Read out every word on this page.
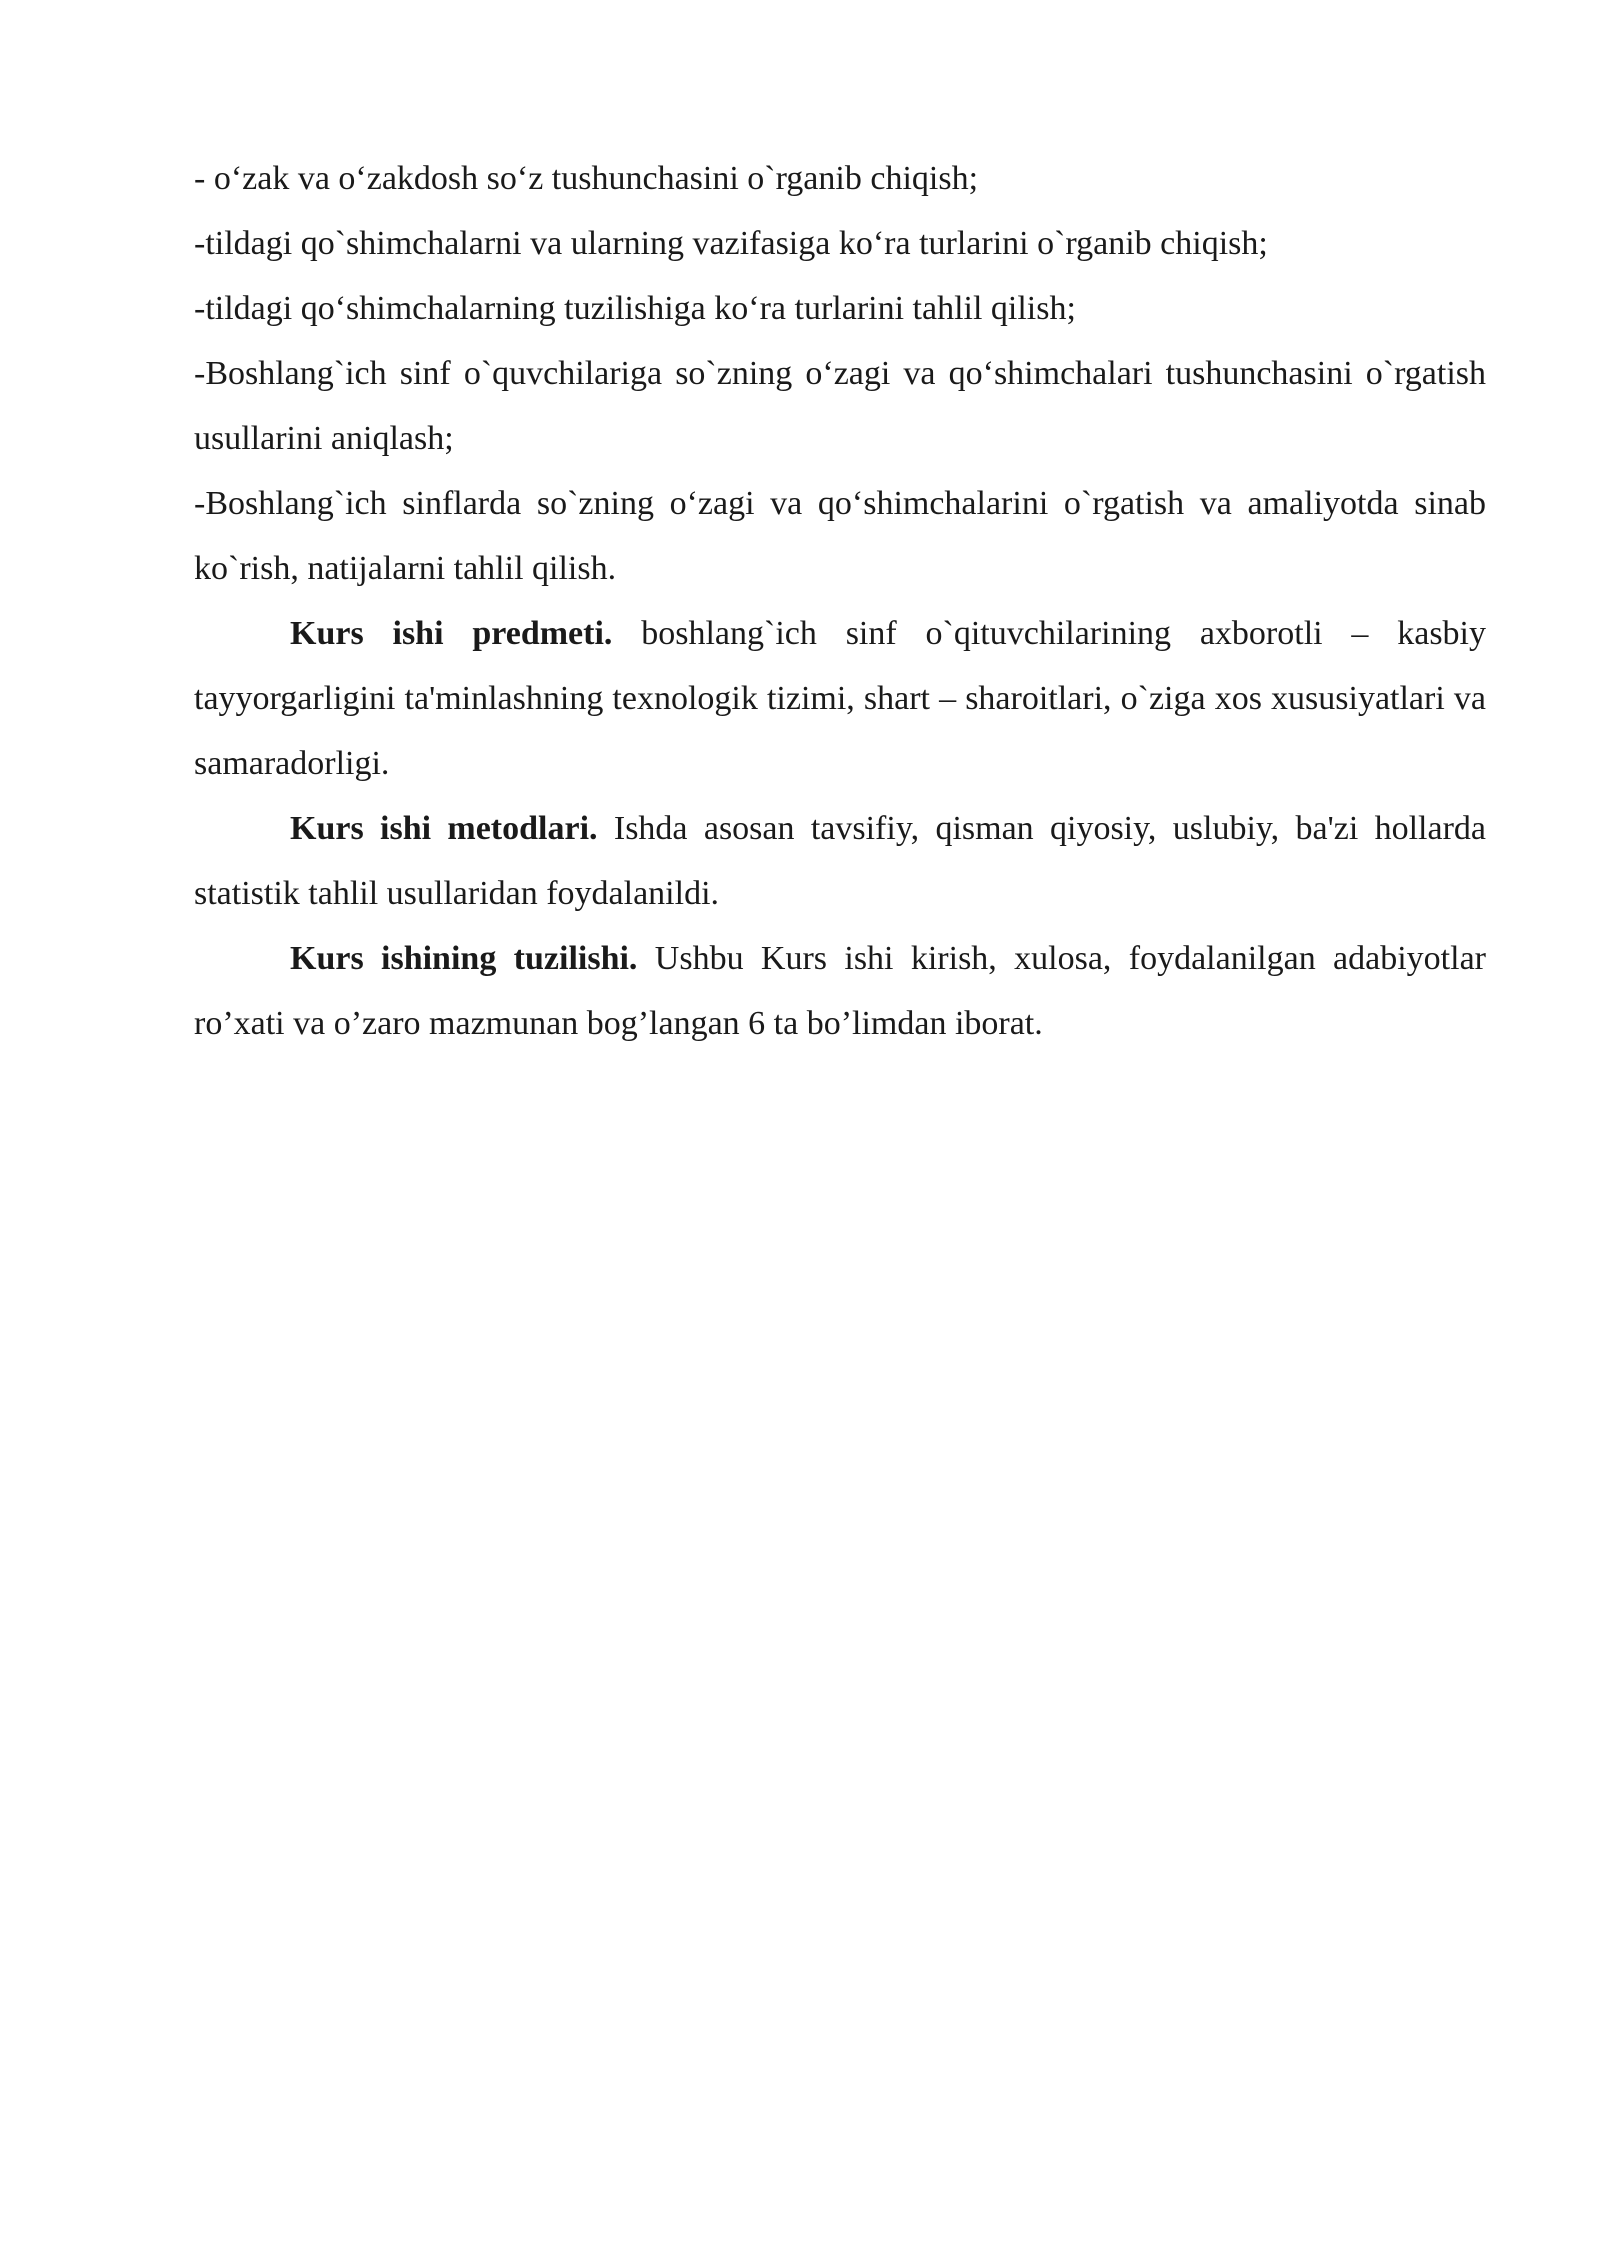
- o‘zak va o‘zakdosh so‘z tushunchasini o`rganib chiqish;

-tildagi qo`shimchalarni va ularning vazifasiga ko‘ra turlarini o`rganib chiqish;

-tildagi qo‘shimchalarning tuzilishiga ko‘ra turlarini tahlil qilish;

-Boshlang`ich sinf o`quvchilariga so`zning o‘zagi va qo‘shimchalari tushunchasini o`rgatish usullarini aniqlash;

-Boshlang`ich sinflarda so`zning o‘zagi va qo‘shimchalarini o`rgatish va amaliyotda sinab ko`rish, natijalarni tahlil qilish.

Kurs ishi predmeti. boshlang`ich sinf o`qituvchilarining axborotli – kasbiy tayyorgarligini ta'minlashning texnologik tizimi, shart – sharoitlari, o`ziga xos xususiyatlari va samaradorligi.

Kurs ishi metodlari. Ishda asosan tavsifiy, qisman qiyosiy, uslubiy, ba'zi hollarda statistik tahlil usullaridan foydalanildi.

Kurs ishining tuzilishi. Ushbu Kurs ishi kirish, xulosa, foydalanilgan adabiyotlar ro’xati va o’zaro mazmunan bog’langan 6 ta bo’limdan iborat.
